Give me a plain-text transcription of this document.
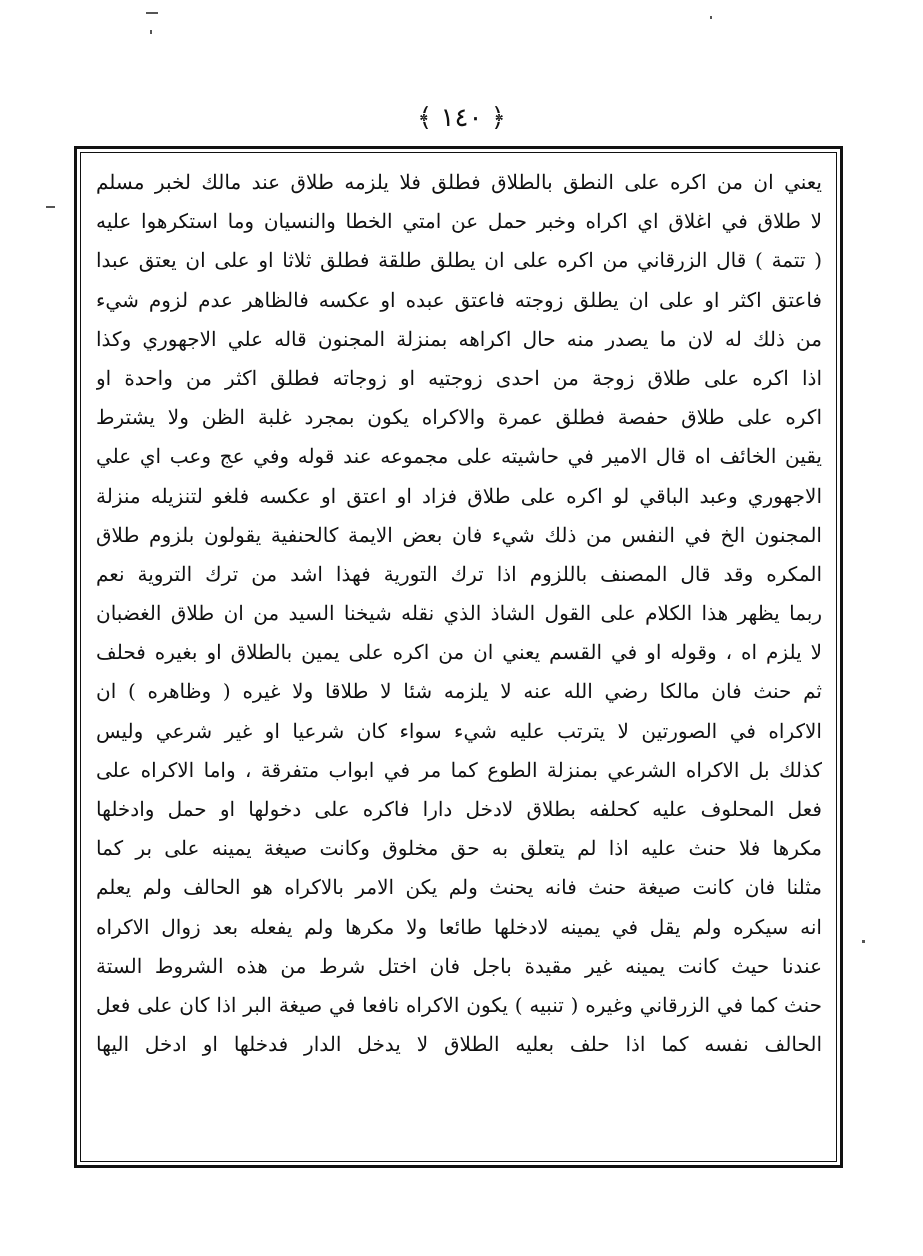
﴿ ١٤٠ ﴾
يعني ان من اكره على النطق بالطلاق فطلق فلا يلزمه طلاق عند مالك لخبر مسلم
لا طلاق في اغلاق اي اكراه وخبر حمل عن امتي الخطا والنسيان وما استكرهوا عليه
( تتمة ) قال الزرقاني من اكره على ان يطلق طلقة فطلق ثلاثا او على ان يعتق عبدا
فاعتق اكثر او على ان يطلق زوجته فاعتق عبده او عكسه فالظاهر عدم لزوم شيء
من ذلك له لان ما يصدر منه حال اكراهه بمنزلة المجنون قاله علي الاجهوري وكذا
اذا اكره على طلاق زوجة من احدى زوجتيه او زوجاته فطلق اكثر من واحدة او
اكره على طلاق حفصة فطلق عمرة والاكراه يكون بمجرد غلبة الظن ولا يشترط
يقين الخائف اه قال الامير في حاشيته على مجموعه عند قوله وفي عج وعب اي علي
الاجهوري وعبد الباقي لو اكره على طلاق فزاد او اعتق او عكسه فلغو لتنزيله منزلة
المجنون الخ في النفس من ذلك شيء فان بعض الايمة كالحنفية يقولون بلزوم طلاق
المكره وقد قال المصنف باللزوم اذا ترك التورية فهذا اشد من ترك التروية نعم
ربما يظهر هذا الكلام على القول الشاذ الذي نقله شيخنا السيد من ان طلاق الغضبان
لا يلزم اه ، وقوله او في القسم يعني ان من اكره على يمين بالطلاق او بغيره فحلف
ثم حنث فان مالكا رضي الله عنه لا يلزمه شئا لا طلاقا ولا غيره ( وظاهره ) ان
الاكراه في الصورتين لا يترتب عليه شيء سواء كان شرعيا او غير شرعي وليس
كذلك بل الاكراه الشرعي بمنزلة الطوع كما مر في ابواب متفرقة ، واما الاكراه على
فعل المحلوف عليه كحلفه بطلاق لادخل دارا فاكره على دخولها او حمل وادخلها
مكرها فلا حنث عليه اذا لم يتعلق به حق مخلوق وكانت صيغة يمينه على بر كما
مثلنا فان كانت صيغة حنث فانه يحنث ولم يكن الامر بالاكراه هو الحالف ولم يعلم
انه سيكره ولم يقل في يمينه لادخلها طائعا ولا مكرها ولم يفعله بعد زوال الاكراه
عندنا حيث كانت يمينه غير مقيدة باجل فان اختل شرط من هذه الشروط الستة
حنث كما في الزرقاني وغيره ( تنبيه ) يكون الاكراه نافعا في صيغة البر اذا كان على فعل
الحالف نفسه كما اذا حلف بعليه الطلاق لا يدخل الدار فدخلها او ادخل اليها
